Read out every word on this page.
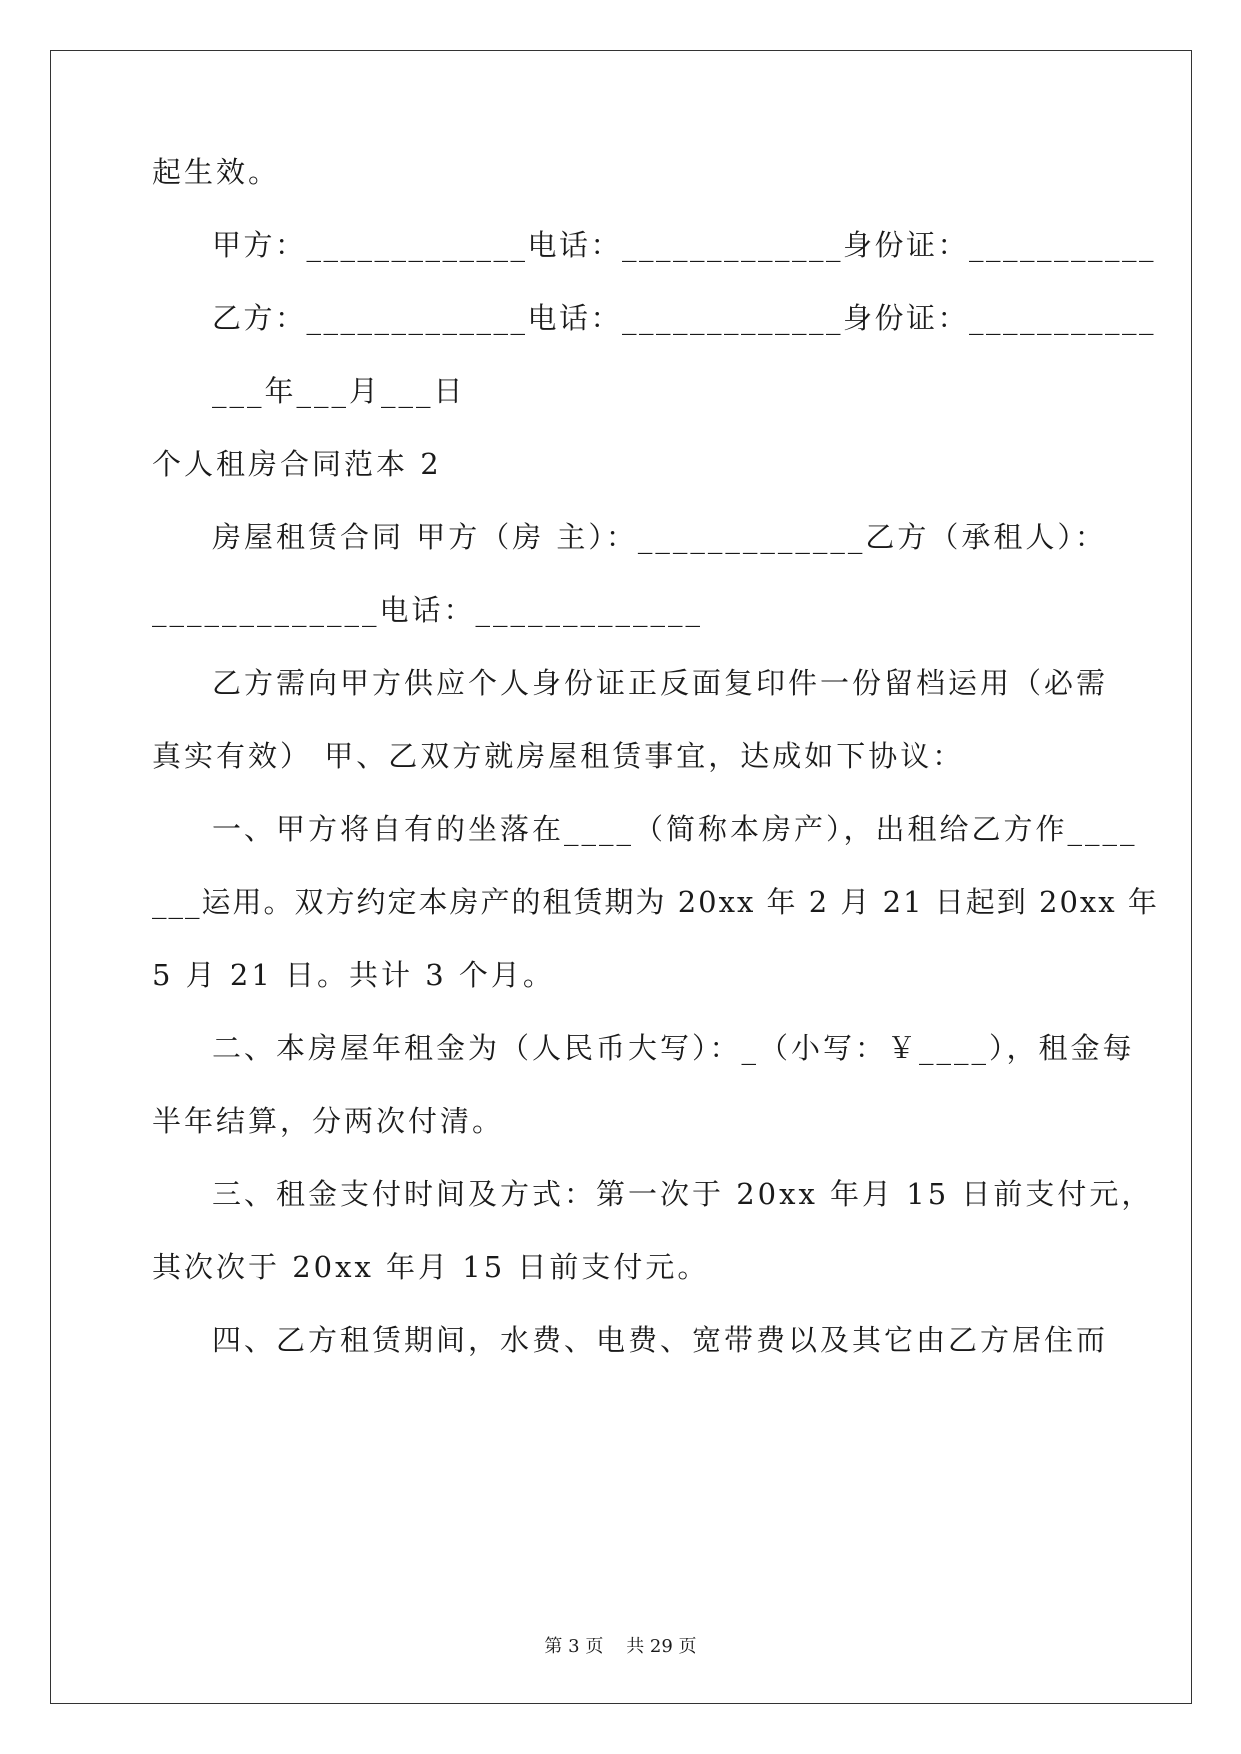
起生效。
甲方：_____________电话：_____________身份证：___________
乙方：_____________电话：_____________身份证：___________
___年___月___日
个人租房合同范本 2
房屋租赁合同 甲方（房 主）：_____________乙方（承租人）：
_____________电话：_____________
乙方需向甲方供应个人身份证正反面复印件一份留档运用（必需
真实有效） 甲、乙双方就房屋租赁事宜，达成如下协议：
一、甲方将自有的坐落在____（简称本房产），出租给乙方作____
___运用。双方约定本房产的租赁期为 20xx 年 2 月 21 日起到 20xx 年
5 月 21 日。共计 3 个月。
二、本房屋年租金为（人民币大写）：_（小写：￥____），租金每
半年结算，分两次付清。
三、租金支付时间及方式：第一次于 20xx 年月 15 日前支付元，
其次次于 20xx 年月 15 日前支付元。
四、乙方租赁期间，水费、电费、宽带费以及其它由乙方居住而
第 3 页    共 29 页
